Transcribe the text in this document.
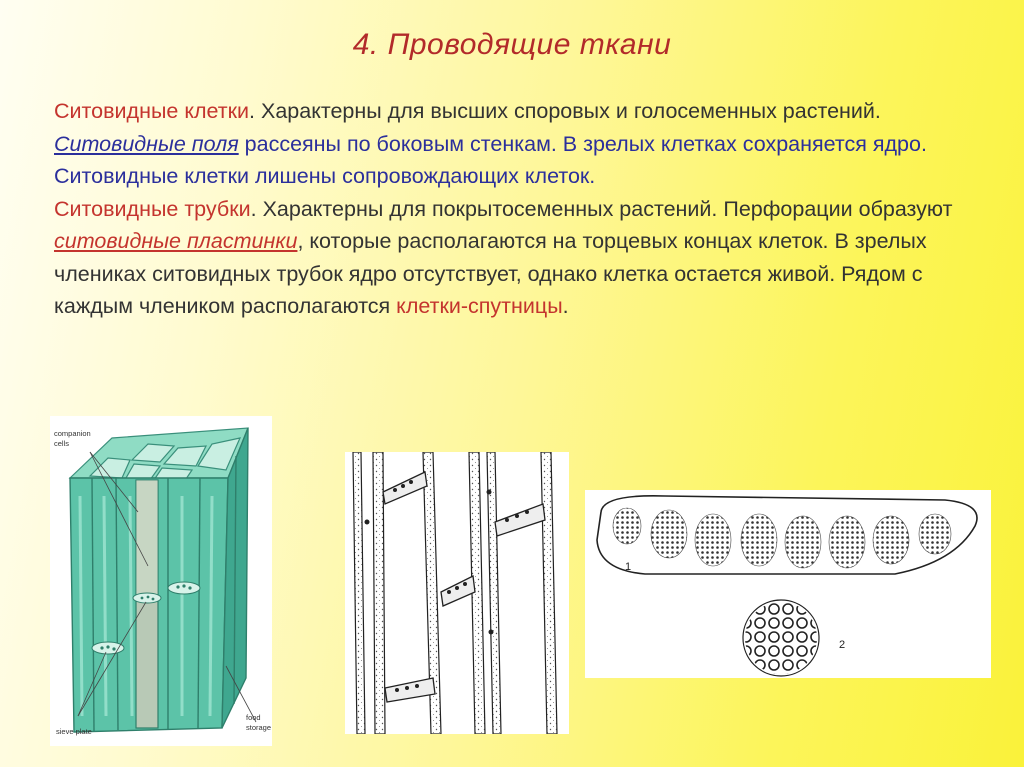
4. Проводящие ткани

Ситовидные клетки. Характерны для высших споровых и голосеменных растений. Ситовидные поля рассеяны по боковым стенкам. В зрелых клетках сохраняется ядро. Ситовидные клетки лишены сопровождающих клеток.

Ситовидные трубки. Характерны для покрытосеменных растений. Перфорации образуют ситовидные пластинки, которые располагаются на торцевых концах клеток. В зрелых члениках ситовидных трубок ядро отсутствует, однако клетка остается живой. Рядом с каждым члеником располагаются клетки-спутницы.

companion
cells
sieve plate
food
storage
1
2
